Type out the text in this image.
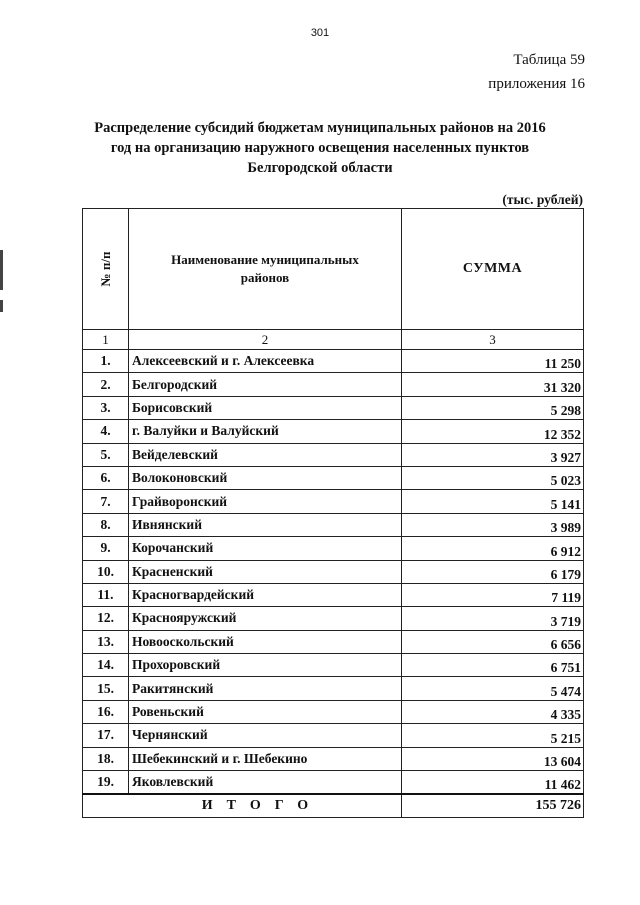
301
Таблица 59
приложения 16
Распределение субсидий бюджетам муниципальных районов на 2016
год на организацию наружного освещения населенных пунктов
Белгородской области
(тыс. рублей)
№ п/п	Наименование муниципальных районов	СУММА
1	2	3
1.	Алексеевский и г. Алексеевка	11 250
2.	Белгородский	31 320
3.	Борисовский	5 298
4.	г. Валуйки и Валуйский	12 352
5.	Вейделевский	3 927
6.	Волоконовский	5 023
7.	Грайворонский	5 141
8.	Ивнянский	3 989
9.	Корочанский	6 912
10.	Красненский	6 179
11.	Красногвардейский	7 119
12.	Краснояружский	3 719
13.	Новооскольский	6 656
14.	Прохоровский	6 751
15.	Ракитянский	5 474
16.	Ровеньский	4 335
17.	Чернянский	5 215
18.	Шебекинский и г. Шебекино	13 604
19.	Яковлевский	11 462
ИТОГО		155 726
